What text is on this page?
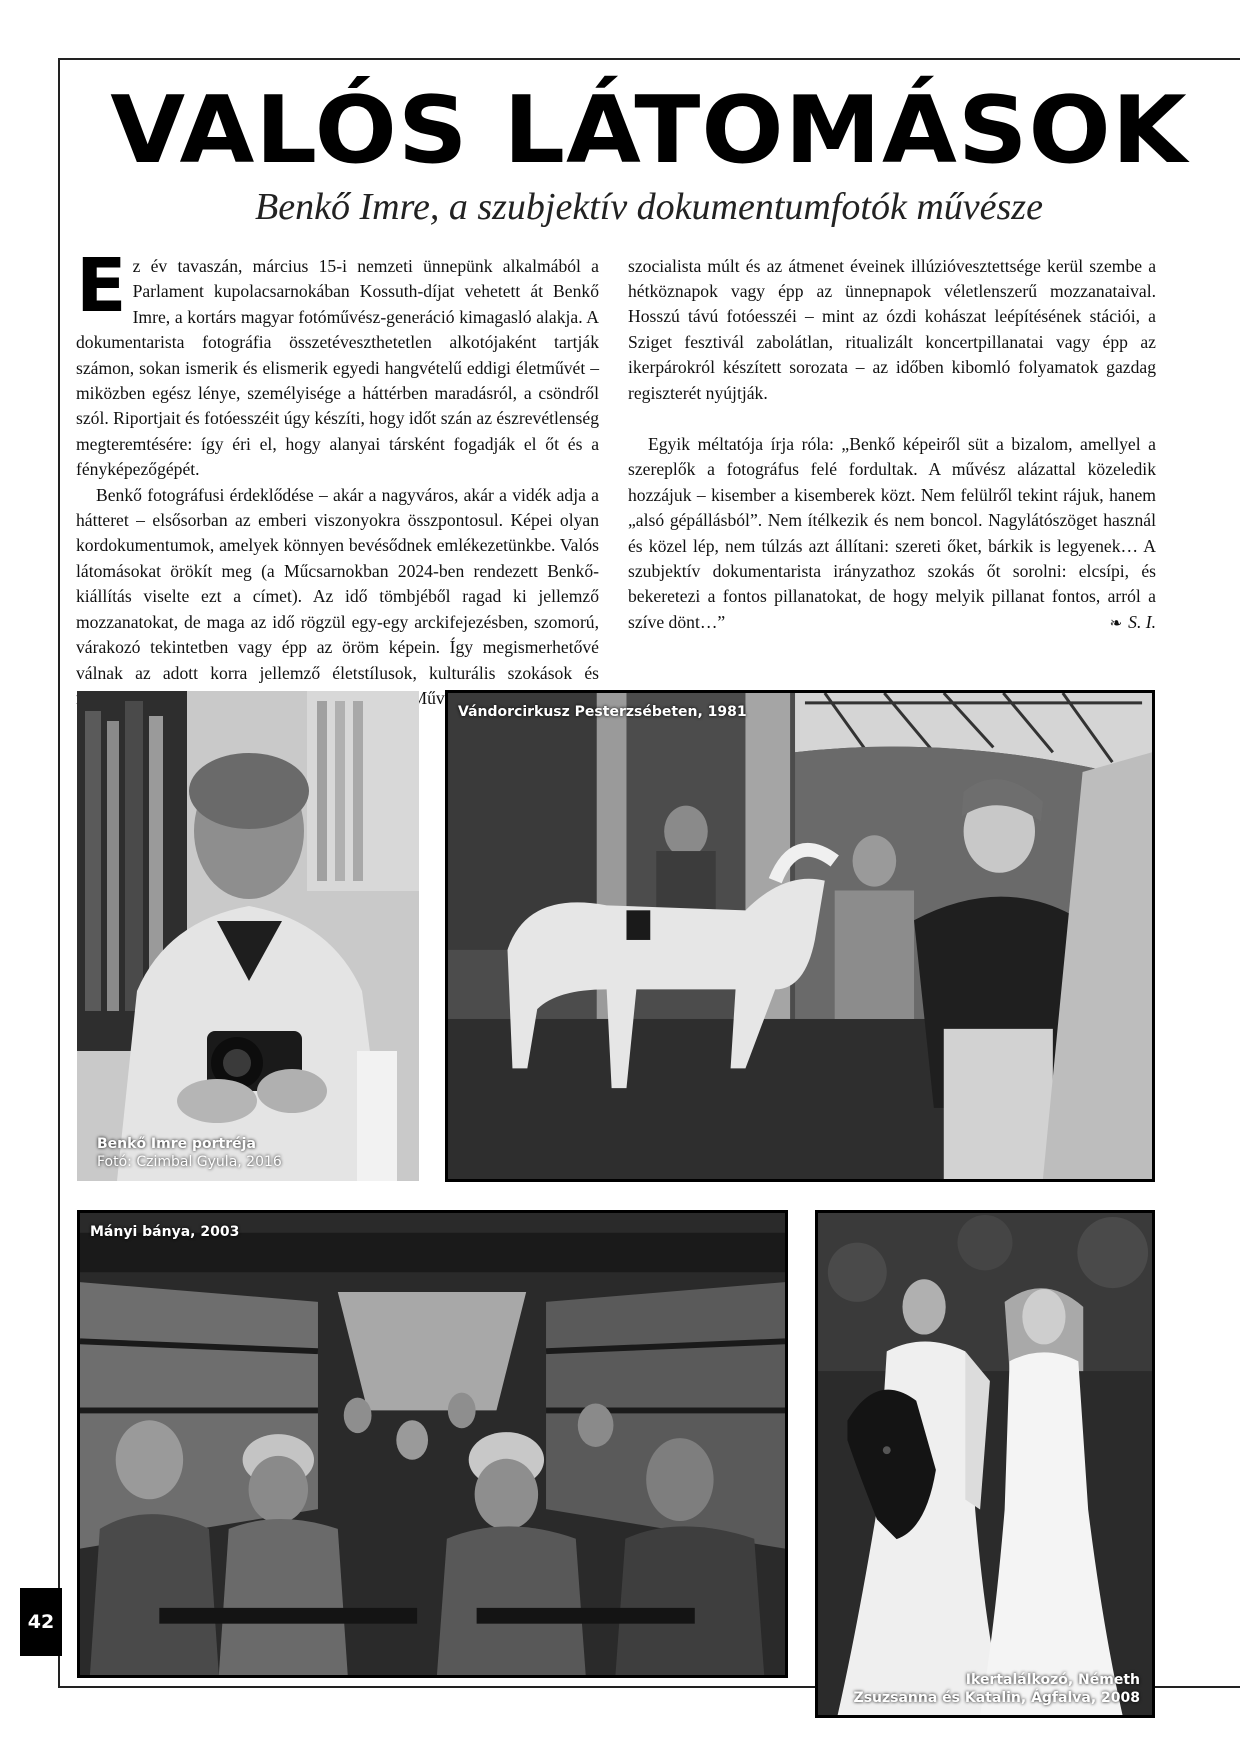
VALÓS LÁTOMÁSOK
Benkő Imre, a szubjektív dokumentumfotók művésze

Ez év tavaszán, március 15-i nemzeti ünnepünk alkalmából a Parlament kupolacsarnokában Kossuth-díjat vehetett át Benkő Imre, a kortárs magyar fotóművész-generáció kimagasló alakja. A dokumentarista fotográfia összetéveszthetetlen alkotójaként tartják számon, sokan ismerik és elismerik egyedi hangvételű eddigi életművét – miközben egész lénye, személyisége a háttérben maradásról, a csöndről szól. Riportjait és fotóesszéit úgy készíti, hogy időt szán az észrevétlenség megteremtésére: így éri el, hogy alanyai társként fogadják el őt és a fényképezőgépét.

Benkő fotográfusi érdeklődése – akár a nagyváros, akár a vidék adja a hátteret – elsősorban az emberi viszonyokra összpontosul. Képei olyan kordokumentumok, amelyek könnyen bevésődnek emlékezetünkbe. Valós látomásokat örökít meg (a Műcsarnokban 2024-ben rendezett Benkő-kiállítás viselte ezt a címet). Az idő tömbjéből ragad ki jellemző mozzanatokat, de maga az idő rögzül egy-egy arckifejezésben, szomorú, várakozó tekintetben vagy épp az öröm képein. Így megismerhetővé válnak az adott korra jellemző életstílusok, kulturális szokások és Művei

szocialista múlt és az átmenet éveinek illúzióvesztettsége kerül szembe a hétköznapok vagy épp az ünnepnapok véletlenszerű mozzanataival. Hosszú távú fotóesszéi – mint az ózdi kohászat leépítésének stációi, a Sziget fesztivál zabolátlan, ritualizált koncertpillanatai vagy épp az ikerpárokról készített sorozata – az időben kibomló folyamatok gazdag regiszterét nyújtják.

Egyik méltatója írja róla: „Benkő képeiről süt a bizalom, amellyel a szereplők a fotográfus felé fordultak. A művész alázattal közeledik hozzájuk – kisember a kisemberek közt. Nem felülről tekint rájuk, hanem „alsó gépállásból”. Nem ítélkezik és nem boncol. Nagylátószöget használ és közel lép, nem túlzás azt állítani: szereti őket, bárkik is legyenek… A szubjektív dokumentarista irányzathoz szokás őt sorolni: elcsípi, és bekeretezi a fontos pillanatokat, de hogy melyik pillanat fontos, arról a szíve dönt…”	❧ S. I.
Benkő Imre portréja
Fotó: Czimbal Gyula, 2016
Vándorcirkusz Pesterzsébeten, 1981
Mányi bánya, 2003
Ikertalálkozó, Németh
Zsuzsanna és Katalin, Ágfalva, 2008
42
